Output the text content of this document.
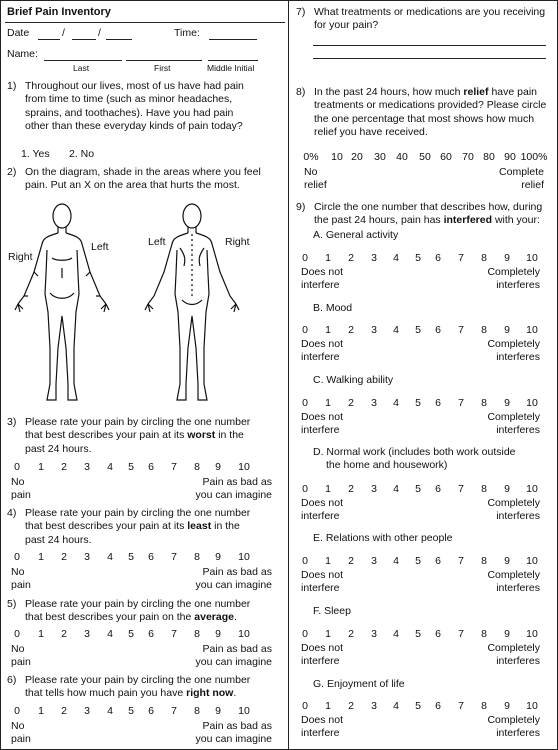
Brief Pain Inventory
Date	/	/	Time:
Name:
Last	First	Middle Initial
1) Throughout our lives, most of us have had pain
from time to time (such as minor headaches,
sprains, and toothaches). Have you had pain
other than these everyday kinds of pain today?
1. Yes 2. No
2) On the diagram, shade in the areas where you feel
pain. Put an X on the area that hurts the most.
Right
Left	Left	Right
3) Please rate your pain by circling the one number
that best describes your pain at its worst in the
past 24 hours.
0	1	2	3	4	5	6	7	8	9	10
No
pain
Pain as bad as
you can imagine
4) Please rate your pain by circling the one number
that best describes your pain at its least in the
past 24 hours.
0	1	2	3	4	5	6	7	8	9	10
No
pain
Pain as bad as
you can imagine
5) Please rate your pain by circling the one number
that best describes your pain on the average.
0	1	2	3	4	5	6	7	8	9	10
No
pain
Pain as bad as
you can imagine
6) Please rate your pain by circling the one number
that tells how much pain you have right now.
0	1	2	3	4	5	6	7	8	9	10
No
pain
Pain as bad as
you can imagine
7) What treatments or medications are you receiving
for your pain?
8) In the past 24 hours, how much relief have pain
treatments or medications provided? Please circle
the one percentage that most shows how much
relief you have received.
0%	10 20	30 40	50 60 70 80 90 100%
No
relief
Complete
relief
9) Circle the one number that describes how, during
the past 24 hours, pain has interfered with your:
A. General activity
0	1	2	3	4	5	6	7	8	9	10
Does not
interfere
Completely
interferes
B. Mood
0	1	2	3	4	5	6	7	8	9	10
Does not
interfere
Completely
interferes
C. Walking ability
0	1	2	3	4	5	6	7	8	9	10
Does not
interfere
Completely
interferes
D. Normal work (includes both work outside
the home and housework)
0	1	2	3	4	5	6	7	8	9	10
Does not
interfere
Completely
interferes
E. Relations with other people
0	1	2	3	4	5	6	7	8	9	10
Does not
interfere
Completely
interferes
F. Sleep
0	1	2	3	4	5	6	7	8	9	10
Does not
interfere
Completely
interferes
G. Enjoyment of life
0	1	2	3	4	5	6	7	8	9	10
Does not
interfere
Completely
interferes
